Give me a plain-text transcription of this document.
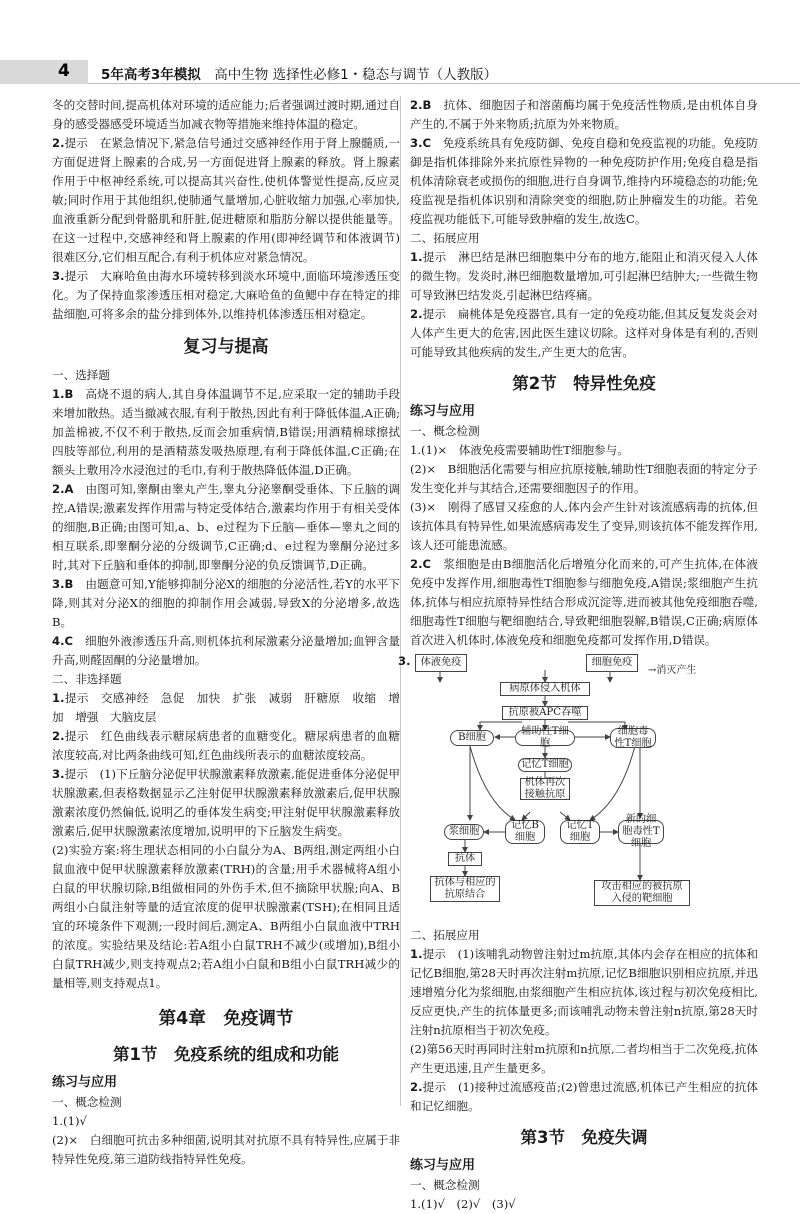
4 5年高考3年模拟　 高中生物 选择性必修1・稳态与调节（人教版）
冬的交替时间,提高机体对环境的适应能力;后者强调过渡时期,通过自身的感受器感受环境适当加减衣物等措施来维持体温的稳定。
2.提示　在紧急情况下,紧急信号通过交感神经作用于肾上腺髓质,一方面促进肾上腺素的合成,另一方面促进肾上腺素的释放。肾上腺素作用于中枢神经系统,可以提高其兴奋性,使机体警觉性提高,反应灵敏;同时作用于其他组织,使肺通气量增加,心脏收缩力加强,心率加快,血液重新分配到骨骼肌和肝脏,促进糖原和脂肪分解以提供能量等。在这一过程中,交感神经和肾上腺素的作用(即神经调节和体液调节)很难区分,它们相互配合,有利于机体应对紧急情况。
3.提示　大麻哈鱼由海水环境转移到淡水环境中,面临环境渗透压变化。为了保持血浆渗透压相对稳定,大麻哈鱼的鱼鳃中存在特定的排盐细胞,可将多余的盐分排到体外,以维持机体渗透压相对稳定。
复习与提高
一、选择题
1.B　高烧不退的病人,其自身体温调节不足,应采取一定的辅助手段来增加散热。适当撤减衣服,有利于散热,因此有利于降低体温,A正确;加盖棉被,不仅不利于散热,反而会加重病情,B错误;用酒精棉球擦拭四肢等部位,利用的是酒精蒸发吸热原理,有利于降低体温,C正确;在额头上敷用冷水浸泡过的毛巾,有利于散热降低体温,D正确。
2.A　由图可知,睾酮由睾丸产生,睾丸分泌睾酮受垂体、下丘脑的调控,A错误;激素发挥作用需与特定受体结合,激素均作用于有相关受体的细胞,B正确;由图可知,a、b、e过程为下丘脑—垂体—睾丸之间的相互联系,即睾酮分泌的分级调节,C正确;d、e过程为睾酮分泌过多时,其对下丘脑和垂体的抑制,即睾酮分泌的负反馈调节,D正确。
3.B　由题意可知,Y能够抑制分泌X的细胞的分泌活性,若Y的水平下降,则其对分泌X的细胞的抑制作用会减弱,导致X的分泌增多,故选B。
4.C　细胞外液渗透压升高,则机体抗利尿激素分泌量增加;血钾含量升高,则醛固酮的分泌量增加。
二、非选择题
1.提示　交感神经　急促　加快　扩张　减弱　肝糖原　收缩　增加　增强　大脑皮层
2.提示　红色曲线表示糖尿病患者的血糖变化。糖尿病患者的血糖浓度较高,对比两条曲线可知,红色曲线所表示的血糖浓度较高。
3.提示　(1)下丘脑分泌促甲状腺激素释放激素,能促进垂体分泌促甲状腺激素,但表格数据显示乙注射促甲状腺激素释放激素后,促甲状腺激素浓度仍然偏低,说明乙的垂体发生病变;甲注射促甲状腺激素释放激素后,促甲状腺激素浓度增加,说明甲的下丘脑发生病变。
(2)实验方案:将生理状态相同的小白鼠分为A、B两组,测定两组小白鼠血液中促甲状腺激素释放激素(TRH)的含量;用手术器械将A组小白鼠的甲状腺切除,B组做相同的外伤手术,但不摘除甲状腺;向A、B两组小白鼠注射等量的适宜浓度的促甲状腺激素(TSH);在相同且适宜的环境条件下观测;一段时间后,测定A、B两组小白鼠血液中TRH的浓度。实验结果及结论:若A组小白鼠TRH不减少(或增加),B组小白鼠TRH减少,则支持观点2;若A组小白鼠和B组小白鼠TRH减少的量相等,则支持观点1。
第4章　免疫调节
第1节　免疫系统的组成和功能
练习与应用
一、概念检测
1.(1)√
(2)×　白细胞可抗击多种细菌,说明其对抗原不具有特异性,应属于非特异性免疫,第三道防线指特异性免疫。
2.B　抗体、细胞因子和溶菌酶均属于免疫活性物质,是由机体自身产生的,不属于外来物质;抗原为外来物质。
3.C　免疫系统具有免疫防御、免疫自稳和免疫监视的功能。免疫防御是指机体排除外来抗原性异物的一种免疫防护作用;免疫自稳是指机体清除衰老或损伤的细胞,进行自身调节,维持内环境稳态的功能;免疫监视是指机体识别和清除突变的细胞,防止肿瘤发生的功能。若免疫监视功能低下,可能导致肿瘤的发生,故选C。
二、拓展应用
1.提示　淋巴结是淋巴细胞集中分布的地方,能阻止和消灭侵入人体的微生物。发炎时,淋巴细胞数量增加,可引起淋巴结肿大;一些微生物可导致淋巴结发炎,引起淋巴结疼痛。
2.提示　扁桃体是免疫器官,具有一定的免疫功能,但其反复发炎会对人体产生更大的危害,因此医生建议切除。这样对身体是有利的,否则可能导致其他疾病的发生,产生更大的危害。
第2节　特异性免疫
练习与应用
一、概念检测
1.(1)×　体液免疫需要辅助性T细胞参与。
(2)×　B细胞活化需要与相应抗原接触,辅助性T细胞表面的特定分子发生变化并与其结合,还需要细胞因子的作用。
(3)×　刚得了感冒又痊愈的人,体内会产生针对该流感病毒的抗体,但该抗体具有特异性,如果流感病毒发生了变异,则该抗体不能发挥作用,该人还可能患流感。
2.C　浆细胞是由B细胞活化后增殖分化而来的,可产生抗体,在体液免疫中发挥作用,细胞毒性T细胞参与细胞免疫,A错误;浆细胞产生抗体,抗体与相应抗原特异性结合形成沉淀等,进而被其他免疫细胞吞噬,细胞毒性T细胞与靶细胞结合,导致靶细胞裂解,B错误,C正确;病原体首次进入机体时,体液免疫和细胞免疫都可发挥作用,D错误。
3. 体液免疫	细胞免疫
病原体侵入机体
→消灭产生
抗原被APC吞噬
B细胞
辅助性T细胞
细胞毒性T细胞
记忆T细胞
机体再次接触抗原
记忆B细胞
记忆T细胞
浆细胞
新的细胞毒性T细胞
抗体
抗体与相应的抗原结合
攻击相应的被抗原入侵的靶细胞
二、拓展应用
1.提示　(1)该哺乳动物曾注射过m抗原,其体内会存在相应的抗体和记忆B细胞,第28天时再次注射m抗原,记忆B细胞识别相应抗原,并迅速增殖分化为浆细胞,由浆细胞产生相应抗体,该过程与初次免疫相比,反应更快,产生的抗体量更多;而该哺乳动物未曾注射n抗原,第28天时注射n抗原相当于初次免疫。
(2)第56天时再同时注射m抗原和n抗原,二者均相当于二次免疫,抗体产生更迅速,且产生量更多。
2.提示　(1)接种过流感疫苗;(2)曾患过流感,机体已产生相应的抗体和记忆细胞。
第3节　免疫失调
练习与应用
一、概念检测
1.(1)√　(2)√　(3)√
